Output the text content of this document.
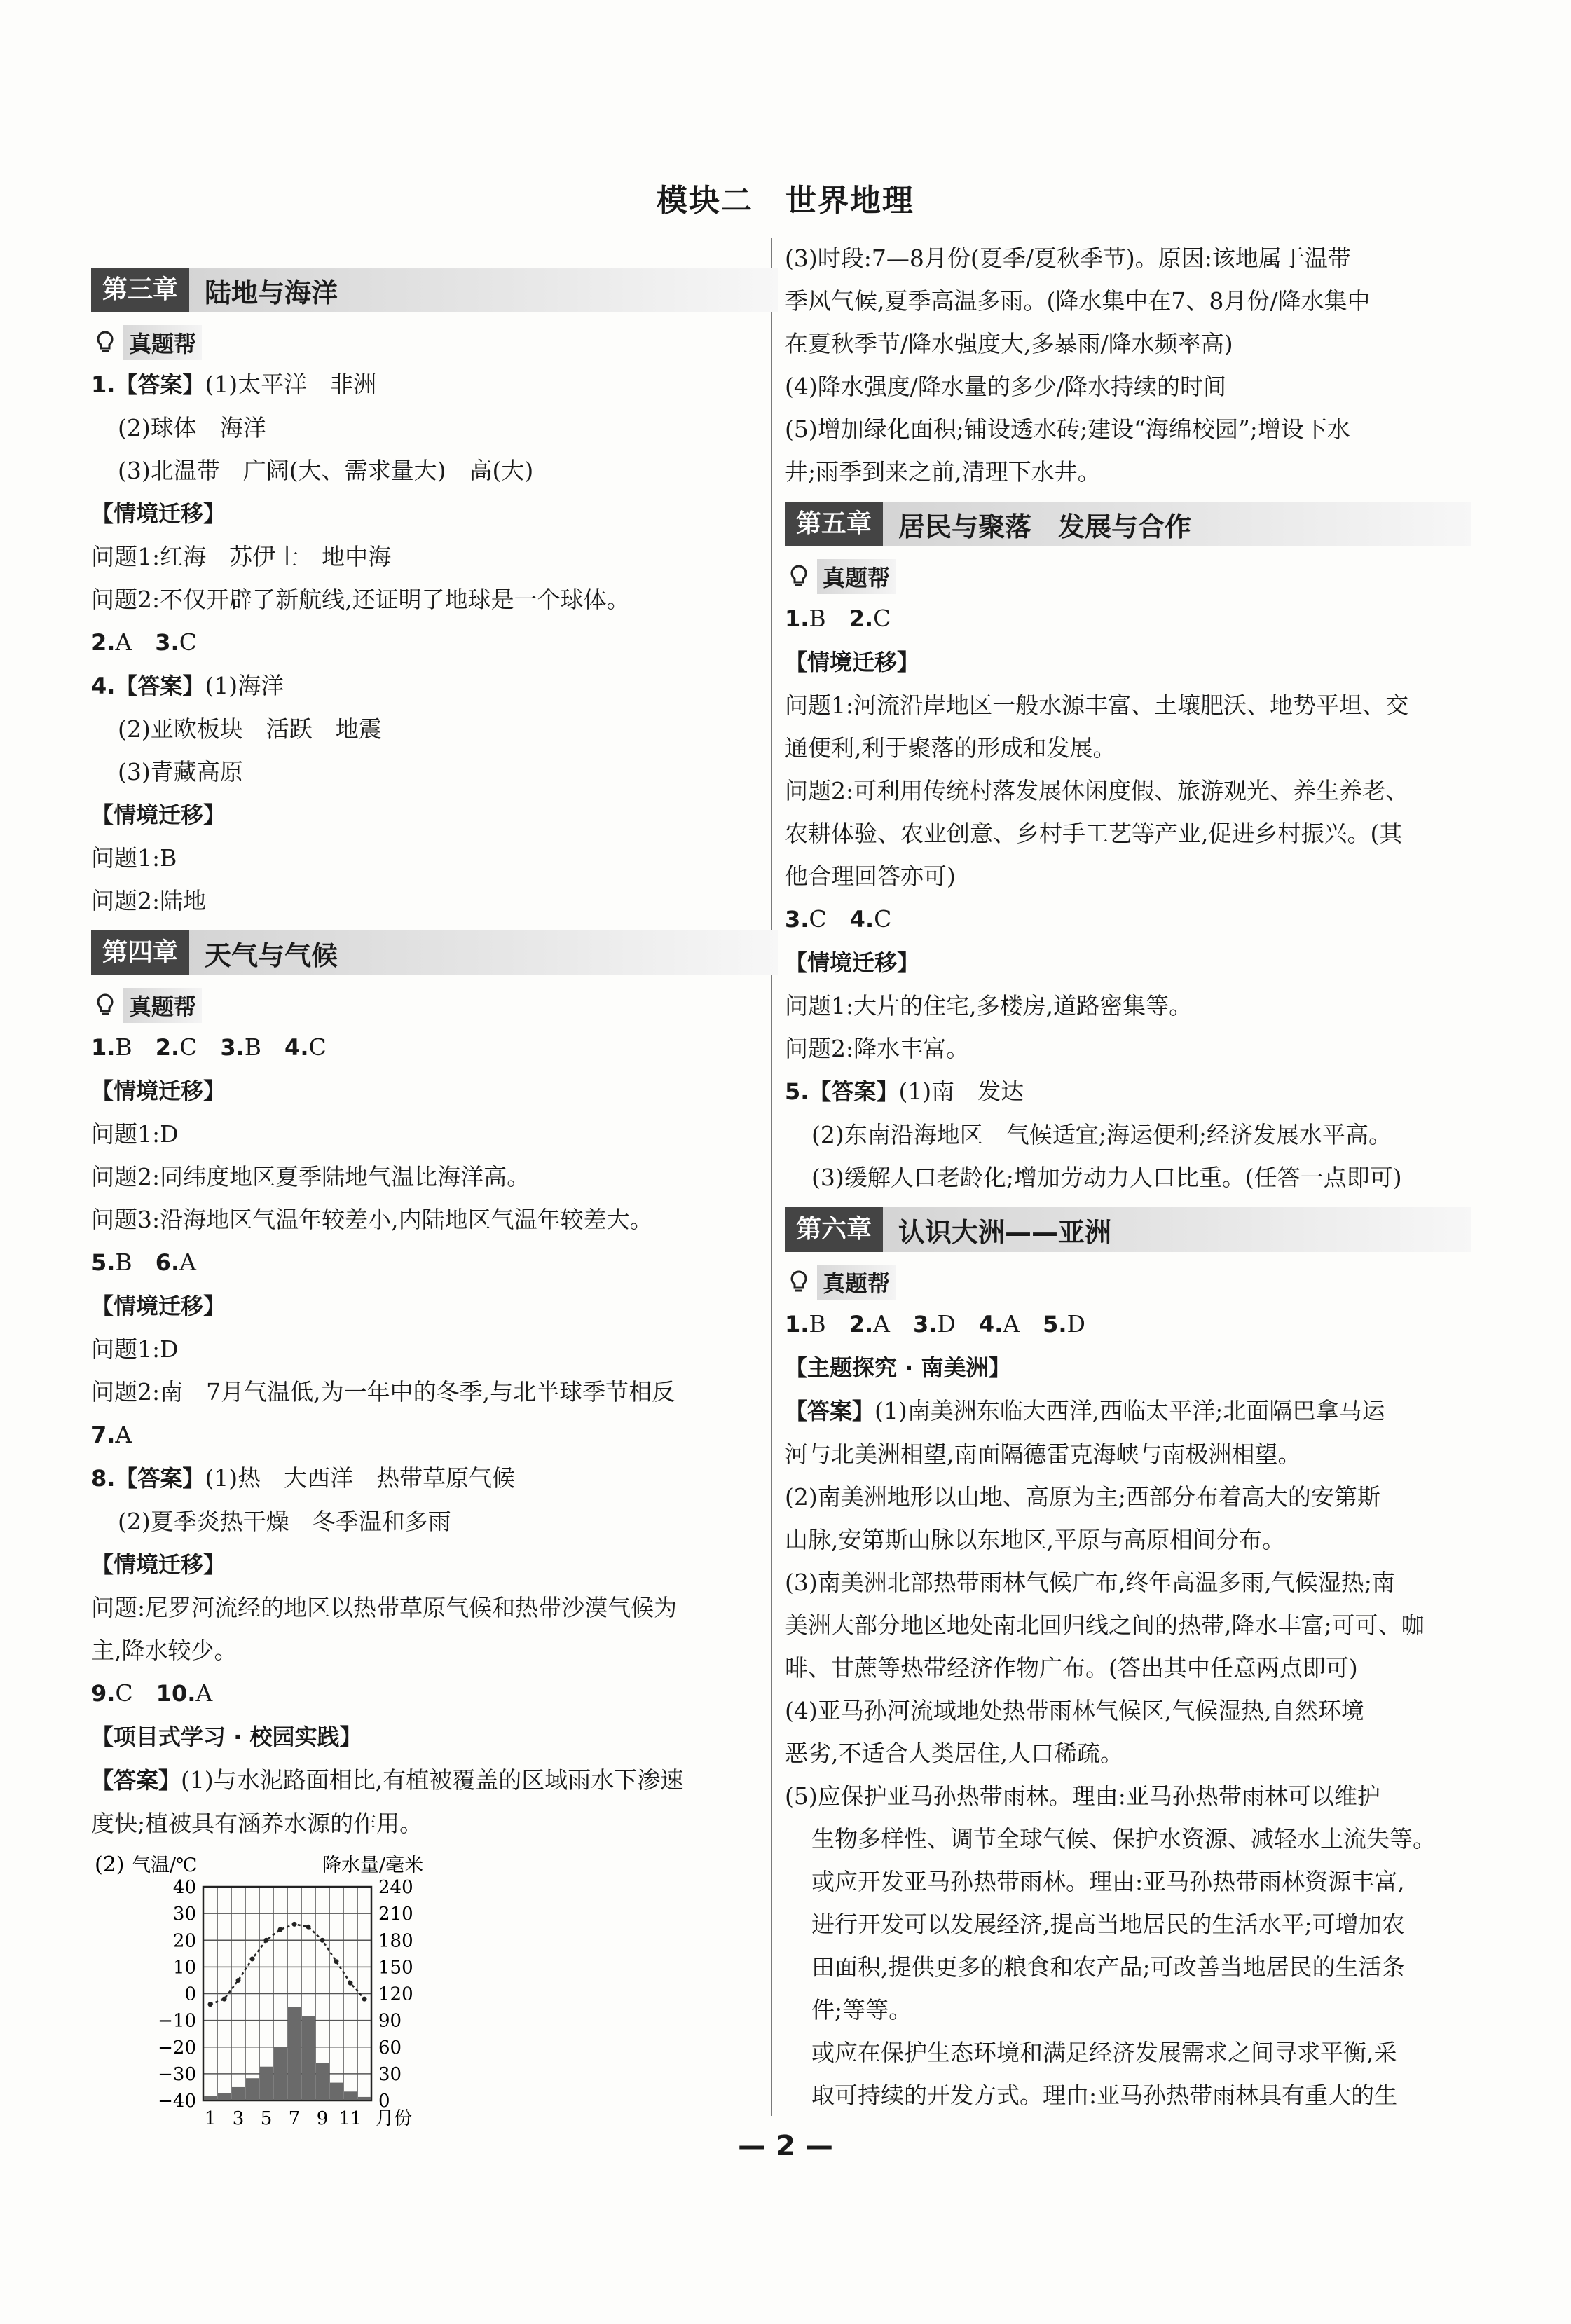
模块二　世界地理
第三章	陆地与海洋
真题帮
1.【答案】(1)太平洋　非洲
(2)球体　海洋
(3)北温带　广阔(大、需求量大)　高(大)
【情境迁移】
问题1:红海　苏伊士　地中海
问题2:不仅开辟了新航线,还证明了地球是一个球体。
2.A　3.C
4.【答案】(1)海洋
(2)亚欧板块　活跃　地震
(3)青藏高原
【情境迁移】
问题1:B
问题2:陆地
第四章	天气与气候
真题帮
1.B　2.C　3.B　4.C
【情境迁移】
问题1:D
问题2:同纬度地区夏季陆地气温比海洋高。
问题3:沿海地区气温年较差小,内陆地区气温年较差大。
5.B　6.A
【情境迁移】
问题1:D
问题2:南　7月气温低,为一年中的冬季,与北半球季节相反
7.A
8.【答案】(1)热　大西洋　热带草原气候
(2)夏季炎热干燥　冬季温和多雨
【情境迁移】
问题:尼罗河流经的地区以热带草原气候和热带沙漠气候为
主,降水较少。
9.C　10.A
【项目式学习 · 校园实践】
【答案】(1)与水泥路面相比,有植被覆盖的区域雨水下渗速
度快;植被具有涵养水源的作用。
(2) 气温/℃	降水量/毫米
40
30
20
10
0
−10
−20
−30
−40
240
210
180
150
120
90
60
30
0
1 3 5 7 9 11 月份
(3)时段:7—8月份(夏季/夏秋季节)。原因:该地属于温带
季风气候,夏季高温多雨。(降水集中在7、8月份/降水集中
在夏秋季节/降水强度大,多暴雨/降水频率高)
(4)降水强度/降水量的多少/降水持续的时间
(5)增加绿化面积;铺设透水砖;建设“海绵校园”;增设下水
井;雨季到来之前,清理下水井。
第五章	居民与聚落　发展与合作
真题帮
1.B　2.C
【情境迁移】
问题1:河流沿岸地区一般水源丰富、土壤肥沃、地势平坦、交
通便利,利于聚落的形成和发展。
问题2:可利用传统村落发展休闲度假、旅游观光、养生养老、
农耕体验、农业创意、乡村手工艺等产业,促进乡村振兴。(其
他合理回答亦可)
3.C　4.C
【情境迁移】
问题1:大片的住宅,多楼房,道路密集等。
问题2:降水丰富。
5.【答案】(1)南　发达
(2)东南沿海地区　气候适宜;海运便利;经济发展水平高。
(3)缓解人口老龄化;增加劳动力人口比重。(任答一点即可)
第六章	认识大洲——亚洲
真题帮
1.B　2.A　3.D　4.A　5.D
【主题探究 · 南美洲】
【答案】(1)南美洲东临大西洋,西临太平洋;北面隔巴拿马运
河与北美洲相望,南面隔德雷克海峡与南极洲相望。
(2)南美洲地形以山地、高原为主;西部分布着高大的安第斯
山脉,安第斯山脉以东地区,平原与高原相间分布。
(3)南美洲北部热带雨林气候广布,终年高温多雨,气候湿热;南
美洲大部分地区地处南北回归线之间的热带,降水丰富;可可、咖
啡、甘蔗等热带经济作物广布。(答出其中任意两点即可)
(4)亚马孙河流域地处热带雨林气候区,气候湿热,自然环境
恶劣,不适合人类居住,人口稀疏。
(5)应保护亚马孙热带雨林。理由:亚马孙热带雨林可以维护
生物多样性、调节全球气候、保护水资源、减轻水土流失等。
或应开发亚马孙热带雨林。理由:亚马孙热带雨林资源丰富,
进行开发可以发展经济,提高当地居民的生活水平;可增加农
田面积,提供更多的粮食和农产品;可改善当地居民的生活条
件;等等。
或应在保护生态环境和满足经济发展需求之间寻求平衡,采
取可持续的开发方式。理由:亚马孙热带雨林具有重大的生
— 2 —
